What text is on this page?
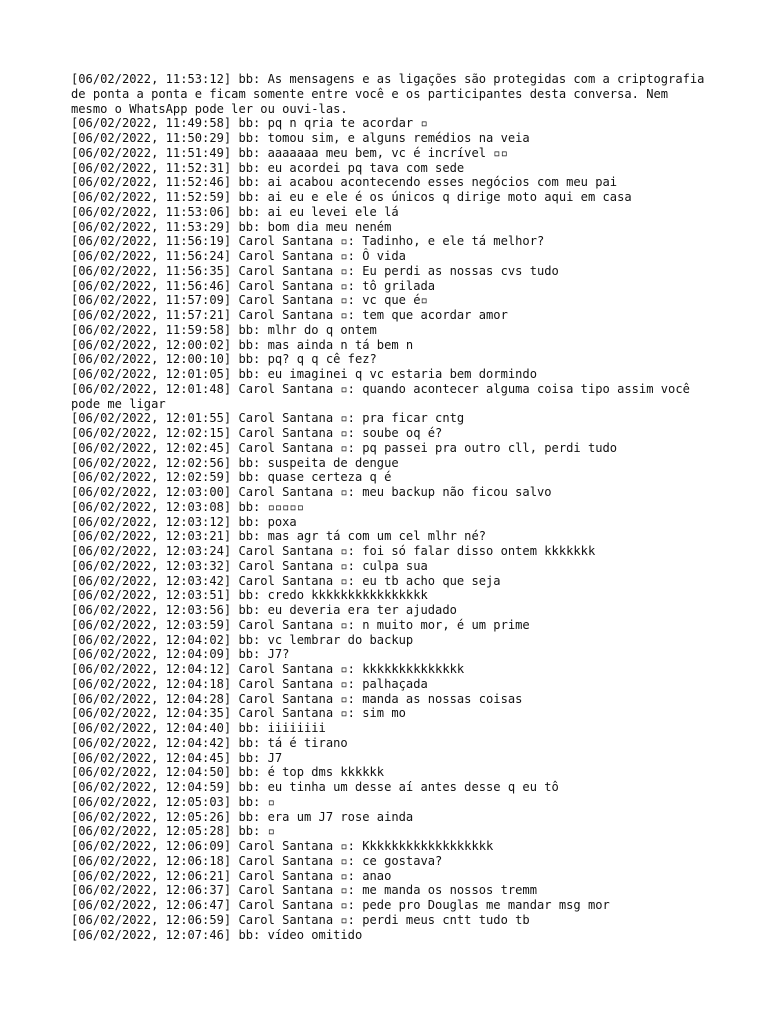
[06/02/2022, 11:53:12] bb: As mensagens e as ligações são protegidas com a criptografia de ponta a ponta e ficam somente entre você e os participantes desta conversa. Nem mesmo o WhatsApp pode ler ou ouvi-las.

[06/02/2022, 11:49:58] bb: pq n qria te acordar ▫

[06/02/2022, 11:50:29] bb: tomou sim, e alguns remédios na veia

[06/02/2022, 11:51:49] bb: aaaaaaa meu bem, vc é incrível ▫▫

[06/02/2022, 11:52:31] bb: eu acordei pq tava com sede

[06/02/2022, 11:52:46] bb: ai acabou acontecendo esses negócios com meu pai

[06/02/2022, 11:52:59] bb: ai eu e ele é os únicos q dirige moto aqui em casa

[06/02/2022, 11:53:06] bb: ai eu levei ele lá

[06/02/2022, 11:53:29] bb: bom dia meu neném

[06/02/2022, 11:56:19] Carol Santana ▫: Tadinho, e ele tá melhor?

[06/02/2022, 11:56:24] Carol Santana ▫: Ô vida

[06/02/2022, 11:56:35] Carol Santana ▫: Eu perdi as nossas cvs tudo

[06/02/2022, 11:56:46] Carol Santana ▫: tô grilada

[06/02/2022, 11:57:09] Carol Santana ▫: vc que é▫

[06/02/2022, 11:57:21] Carol Santana ▫: tem que acordar amor

[06/02/2022, 11:59:58] bb: mlhr do q ontem

[06/02/2022, 12:00:02] bb: mas ainda n tá bem n

[06/02/2022, 12:00:10] bb: pq? q q cê fez?

[06/02/2022, 12:01:05] bb: eu imaginei q vc estaria bem dormindo

[06/02/2022, 12:01:48] Carol Santana ▫: quando acontecer alguma coisa tipo assim você pode me ligar

[06/02/2022, 12:01:55] Carol Santana ▫: pra ficar cntg

[06/02/2022, 12:02:15] Carol Santana ▫: soube oq é?

[06/02/2022, 12:02:45] Carol Santana ▫: pq passei pra outro cll, perdi tudo

[06/02/2022, 12:02:56] bb: suspeita de dengue

[06/02/2022, 12:02:59] bb: quase certeza q é

[06/02/2022, 12:03:00] Carol Santana ▫: meu backup não ficou salvo

[06/02/2022, 12:03:08] bb: ▫▫▫▫▫

[06/02/2022, 12:03:12] bb: poxa

[06/02/2022, 12:03:21] bb: mas agr tá com um cel mlhr né?

[06/02/2022, 12:03:24] Carol Santana ▫: foi só falar disso ontem kkkkkkk

[06/02/2022, 12:03:32] Carol Santana ▫: culpa sua

[06/02/2022, 12:03:42] Carol Santana ▫: eu tb acho que seja

[06/02/2022, 12:03:51] bb: credo kkkkkkkkkkkkkkkk

[06/02/2022, 12:03:56] bb: eu deveria era ter ajudado

[06/02/2022, 12:03:59] Carol Santana ▫: n muito mor, é um prime

[06/02/2022, 12:04:02] bb: vc lembrar do backup

[06/02/2022, 12:04:09] bb: J7?

[06/02/2022, 12:04:12] Carol Santana ▫: kkkkkkkkkkkkkk

[06/02/2022, 12:04:18] Carol Santana ▫: palhaçada

[06/02/2022, 12:04:28] Carol Santana ▫: manda as nossas coisas

[06/02/2022, 12:04:35] Carol Santana ▫: sim mo

[06/02/2022, 12:04:40] bb: iiiiiiii

[06/02/2022, 12:04:42] bb: tá é tirano

[06/02/2022, 12:04:45] bb: J7

[06/02/2022, 12:04:50] bb: é top dms kkkkkk

[06/02/2022, 12:04:59] bb: eu tinha um desse aí antes desse q eu tô

[06/02/2022, 12:05:03] bb: ▫

[06/02/2022, 12:05:26] bb: era um J7 rose ainda

[06/02/2022, 12:05:28] bb: ▫

[06/02/2022, 12:06:09] Carol Santana ▫: Kkkkkkkkkkkkkkkkkk

[06/02/2022, 12:06:18] Carol Santana ▫: ce gostava?

[06/02/2022, 12:06:21] Carol Santana ▫: anao

[06/02/2022, 12:06:37] Carol Santana ▫: me manda os nossos tremm

[06/02/2022, 12:06:47] Carol Santana ▫: pede pro Douglas me mandar msg mor

[06/02/2022, 12:06:59] Carol Santana ▫: perdi meus cntt tudo tb

[06/02/2022, 12:07:46] bb: vídeo omitido
